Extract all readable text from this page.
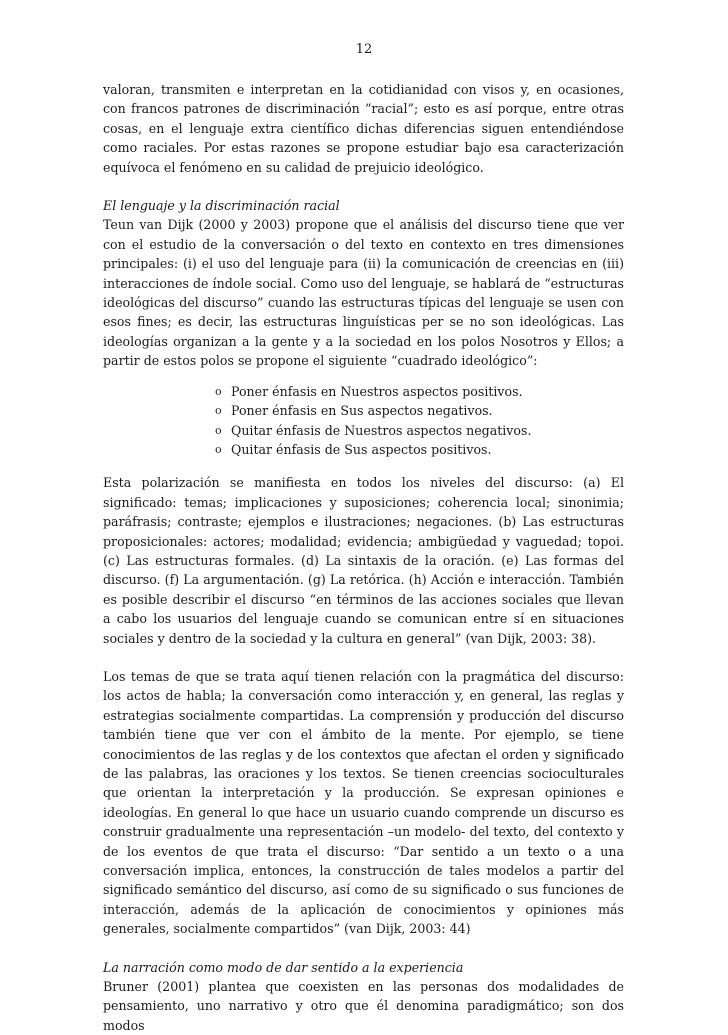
12

valoran, transmiten e interpretan en la cotidianidad con visos y, en ocasiones, con francos patrones de discriminación “racial”; esto es así porque, entre otras cosas, en el lenguaje extra científico dichas diferencias siguen entendiéndose como raciales. Por estas razones se propone estudiar bajo esa caracterización equívoca el fenómeno en su calidad de prejuicio ideológico.

El lenguaje y la discriminación racial

Teun van Dijk (2000 y 2003) propone que el análisis del discurso tiene que ver con el estudio de la conversación o del texto en contexto en tres dimensiones principales: (i) el uso del lenguaje para (ii) la comunicación de creencias en (iii) interacciones de índole social. Como uso del lenguaje, se hablará de “estructuras ideológicas del discurso” cuando las estructuras típicas del lenguaje se usen con esos fines; es decir, las estructuras linguísticas per se no son ideológicas. Las ideologías organizan a la gente y a la sociedad en los polos Nosotros y Ellos; a partir de estos polos se propone el siguiente “cuadrado ideológico”:

o Poner énfasis en Nuestros aspectos positivos.
o Poner énfasis en Sus aspectos negativos.
o Quitar énfasis de Nuestros aspectos negativos.
o Quitar énfasis de Sus aspectos positivos.

Esta polarización se manifiesta en todos los niveles del discurso: (a) El significado: temas; implicaciones y suposiciones; coherencia local; sinonimia; paráfrasis; contraste; ejemplos e ilustraciones; negaciones. (b) Las estructuras proposicionales: actores; modalidad; evidencia; ambigüedad y vaguedad; topoi. (c) Las estructuras formales. (d) La sintaxis de la oración. (e) Las formas del discurso. (f) La argumentación. (g) La retórica. (h) Acción e interacción. También es posible describir el discurso “en términos de las acciones sociales que llevan a cabo los usuarios del lenguaje cuando se comunican entre sí en situaciones sociales y dentro de la sociedad y la cultura en general” (van Dijk, 2003: 38).

Los temas de que se trata aquí tienen relación con la pragmática del discurso: los actos de habla; la conversación como interacción y, en general, las reglas y estrategias socialmente compartidas. La comprensión y producción del discurso también tiene que ver con el ámbito de la mente. Por ejemplo, se tiene conocimientos de las reglas y de los contextos que afectan el orden y significado de las palabras, las oraciones y los textos. Se tienen creencias socioculturales que orientan la interpretación y la producción. Se expresan opiniones e ideologías. En general lo que hace un usuario cuando comprende un discurso es construir gradualmente una representación –un modelo- del texto, del contexto y de los eventos de que trata el discurso: “Dar sentido a un texto o a una conversación implica, entonces, la construcción de tales modelos a partir del significado semántico del discurso, así como de su significado o sus funciones de interacción, además de la aplicación de conocimientos y opiniones más generales, socialmente compartidos” (van Dijk, 2003: 44)

La narración como modo de dar sentido a la experiencia

Bruner (2001) plantea que coexisten en las personas dos modalidades de pensamiento, uno narrativo y otro que él denomina paradigmático; son dos modos
